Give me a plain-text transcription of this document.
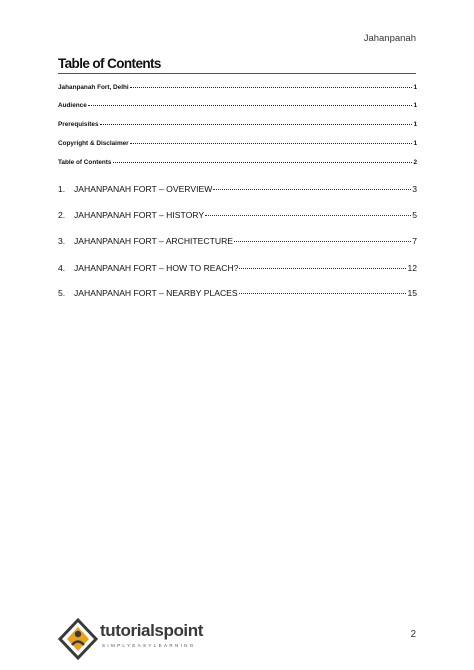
Jahanpanah
Table of Contents
Jahanpanah Fort, Delhi	1
Audience	1
Prerequisites	1
Copyright & Disclaimer	1
Table of Contents	2
1. JAHANPANAH FORT – OVERVIEW	3
2. JAHANPANAH FORT – HISTORY	5
3. JAHANPANAH FORT – ARCHITECTURE	7
4. JAHANPANAH FORT – HOW TO REACH?	12
5. JAHANPANAH FORT – NEARBY PLACES	15
tutorialspoint
SIMPLYEASYLEARNING
2
